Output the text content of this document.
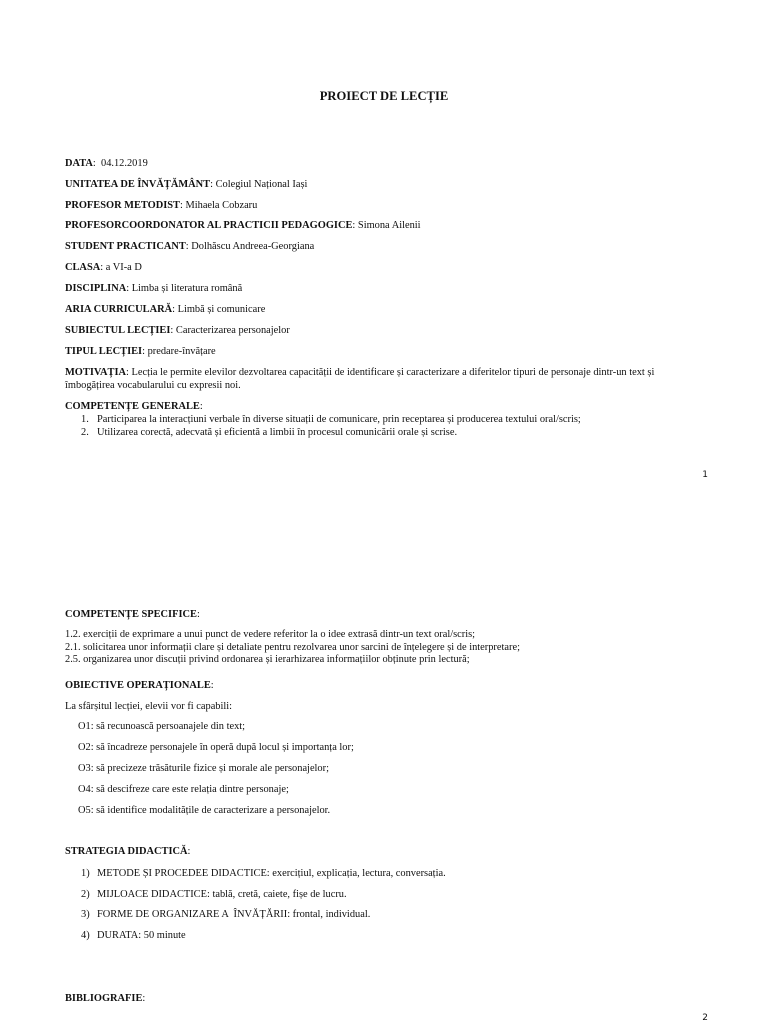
PROIECT DE LECȚIE
DATA:  04.12.2019
UNITATEA DE ÎNVĂȚĂMÂNT: Colegiul Național Iași
PROFESOR METODIST: Mihaela Cobzaru
PROFESORCOORDONATOR AL PRACTICII PEDAGOGICE: Simona Ailenii
STUDENT PRACTICANT: Dolhăscu Andreea-Georgiana
CLASA: a VI-a D
DISCIPLINA: Limba și literatura română
ARIA CURRICULARĂ: Limbă și comunicare
SUBIECTUL LECȚIEI: Caracterizarea personajelor
TIPUL LECȚIEI: predare-învățare
MOTIVAȚIA: Lecția le permite elevilor dezvoltarea capacității de identificare și caracterizare a diferitelor tipuri de personaje dintr-un text și îmbogățirea vocabularului cu expresii noi.
COMPETENȚE GENERALE:
1. Participarea la interacțiuni verbale în diverse situații de comunicare, prin receptarea și producerea textului oral/scris;
2. Utilizarea corectă, adecvată și eficientă a limbii în procesul comunicării orale și scrise.
1
COMPETENȚE SPECIFICE:
1.2. exerciții de exprimare a unui punct de vedere referitor la o idee extrasă dintr-un text oral/scris;
2.1. solicitarea unor informații clare și detaliate pentru rezolvarea unor sarcini de înțelegere și de interpretare;
2.5. organizarea unor discuții privind ordonarea și ierarhizarea informațiilor obținute prin lectură;
OBIECTIVE OPERAȚIONALE:
La sfârșitul lecției, elevii vor fi capabili:
O1: să recunoască persoanajele din text;
O2: să încadreze personajele în operă după locul și importanța lor;
O3: să precizeze trăsăturile fizice și morale ale personajelor;
O4: să descifreze care este relația dintre personaje;
O5: să identifice modalitățile de caracterizare a personajelor.
STRATEGIA DIDACTICĂ:
1) METODE ȘI PROCEDEE DIDACTICE: exercițiul, explicația, lectura, conversația.
2) MIJLOACE DIDACTICE: tablă, cretă, caiete, fișe de lucru.
3) FORME DE ORGANIZARE A  ÎNVĂȚĂRII: frontal, individual.
4) DURATA: 50 minute
BIBLIOGRAFIE:
2
